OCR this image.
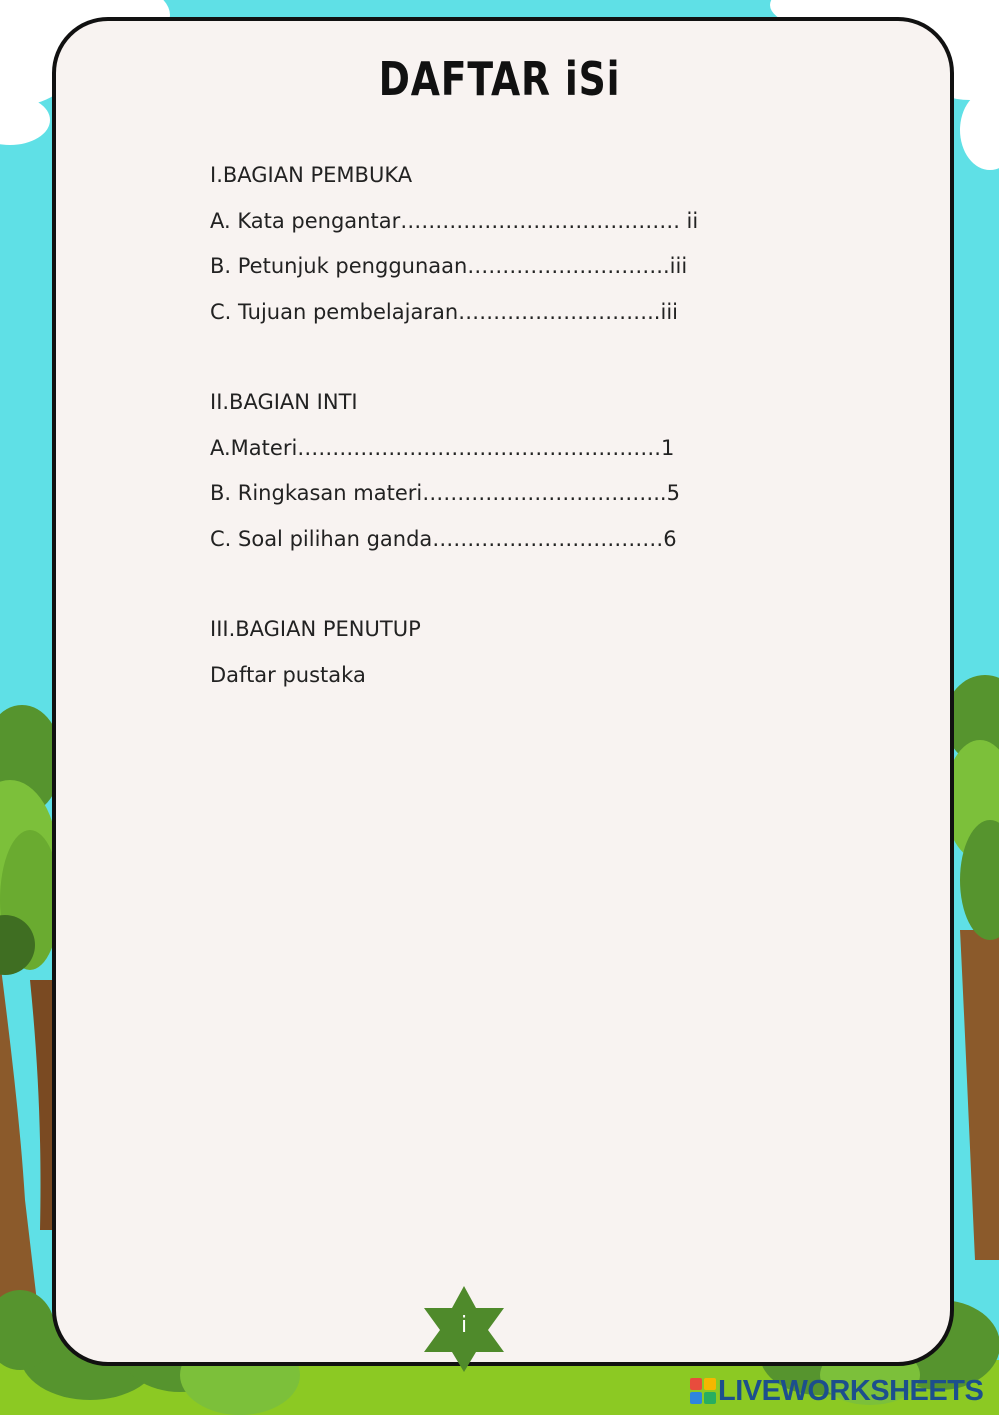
DAFTAR iSi
I.BAGIAN PEMBUKA
A. Kata pengantar…………………………………. ii
B. Petunjuk penggunaan………………………..iii
C. Tujuan pembelajaran………………………..iii
II.BAGIAN INTI
A.Materi…………………………………………….1
B. Ringkasan materi……………………………..5
C. Soal pilihan ganda……………………………6
III.BAGIAN PENUTUP
Daftar pustaka
i
LIVEWORKSHEETS
